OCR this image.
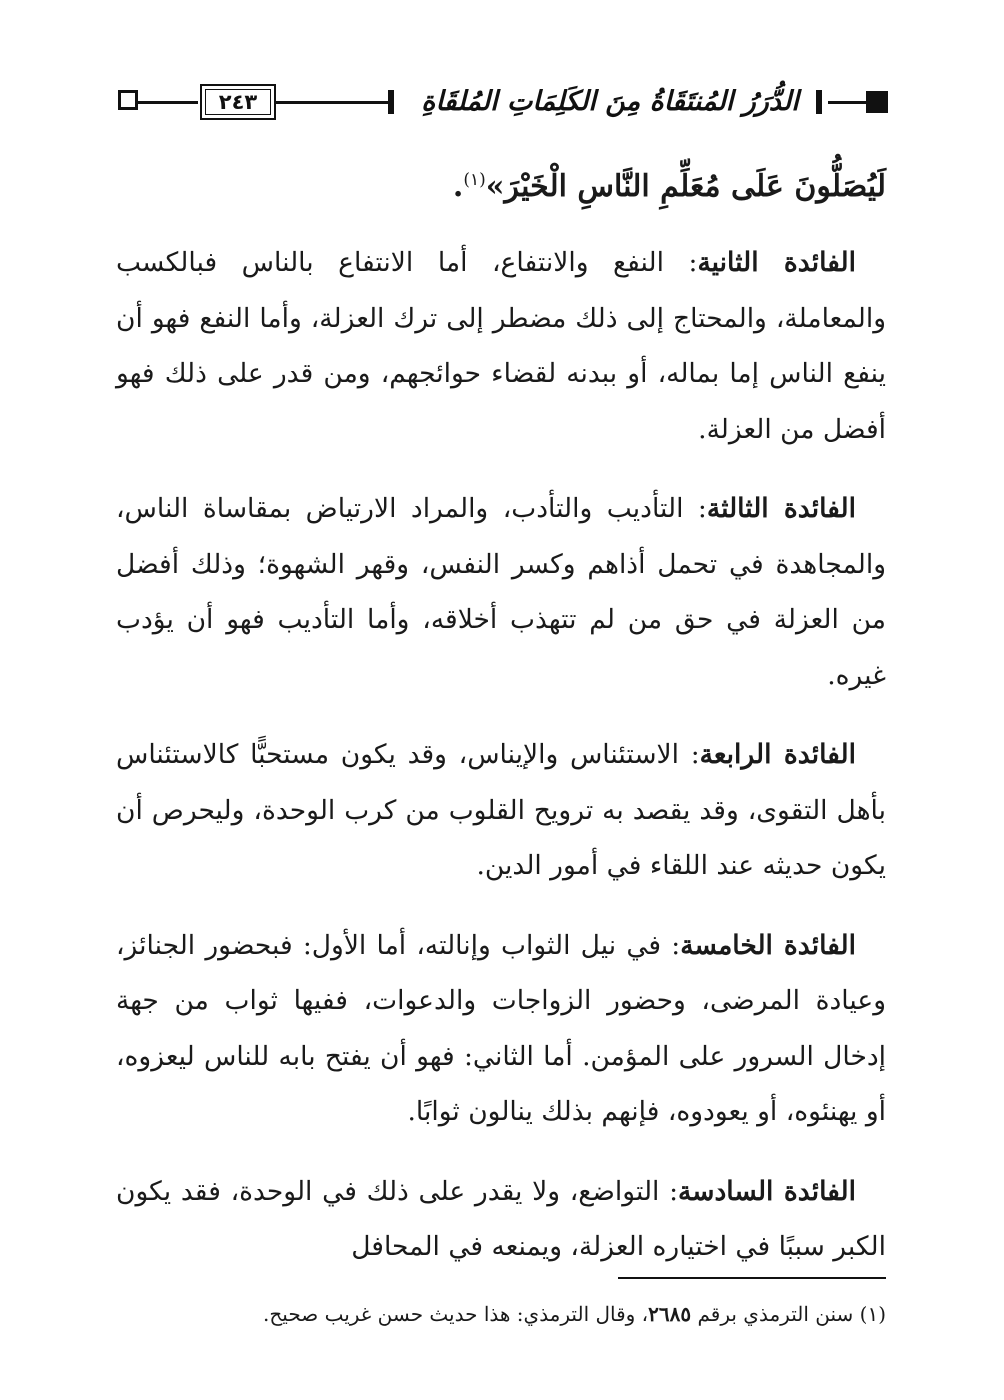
الدُّرَرُ المُنتَقَاةُ مِنَ الكَلِمَاتِ المُلقَاةِ
٢٤٣

لَيُصَلُّونَ عَلَى مُعَلِّمِ النَّاسِ الْخَيْرَ»$^{(١)}$.

الفائدة الثانية: النفع والانتفاع، أما الانتفاع بالناس فبالكسب والمعاملة، والمحتاج إلى ذلك مضطر إلى ترك العزلة، وأما النفع فهو أن ينفع الناس إما بماله، أو ببدنه لقضاء حوائجهم، ومن قدر على ذلك فهو أفضل من العزلة.

الفائدة الثالثة: التأديب والتأدب، والمراد الارتياض بمقاساة الناس، والمجاهدة في تحمل أذاهم وكسر النفس، وقهر الشهوة؛ وذلك أفضل من العزلة في حق من لم تتهذب أخلاقه، وأما التأديب فهو أن يؤدب غيره.

الفائدة الرابعة: الاستئناس والإيناس، وقد يكون مستحبًّا كالاستئناس بأهل التقوى، وقد يقصد به ترويح القلوب من كرب الوحدة، وليحرص أن يكون حديثه عند اللقاء في أمور الدين.

الفائدة الخامسة: في نيل الثواب وإنالته، أما الأول: فبحضور الجنائز، وعيادة المرضى، وحضور الزواجات والدعوات، ففيها ثواب من جهة إدخال السرور على المؤمن. أما الثاني: فهو أن يفتح بابه للناس ليعزوه، أو يهنئوه، أو يعودوه، فإنهم بذلك ينالون ثوابًا.

الفائدة السادسة: التواضع، ولا يقدر على ذلك في الوحدة، فقد يكون الكبر سببًا في اختياره العزلة، ويمنعه في المحافل

(١) سنن الترمذي برقم ٢٦٨٥، وقال الترمذي: هذا حديث حسن غريب صحيح.
